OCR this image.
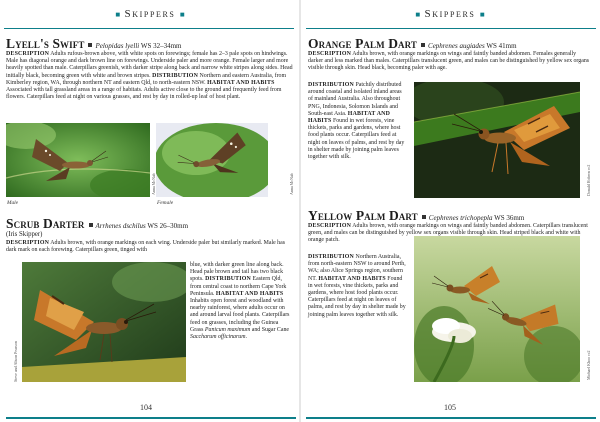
■ Skippers ■
Lyell's Swift Pelopidas lyelli WS 32–34mm
DESCRIPTION Adults rufous-brown above, with white spots on forewings; female has 2–3 pale spots on hindwings. Male has diagonal orange and dark brown line on forewings. Underside paler and more orange. Female larger and more heavily spotted than male. Caterpillars greenish, with darker stripe along back and narrow white stripes along sides. Head initially black, becoming green with white and brown stripes. DISTRIBUTION Northern and eastern Australia, from Kimberley region, WA, through northern NT and eastern Qld, to north-eastern NSW. HABITAT AND HABITS Associated with tall grassland areas in a range of habitats. Adults active close to the ground and frequently feed from flowers. Caterpillars feed at night on various grasses, and rest by day in rolled-up leaf of host plant.
Anna McNab
Anna McNab
Male	Female
Scrub Darter Arrhenes dschilus WS 26–30mm
(Iris Skipper)
DESCRIPTION Adults brown, with orange markings on each wing. Underside paler but similarly marked. Male has dark mark on each forewing. Caterpillars green, tinged with
blue, with darker green line along back. Head pale brown and tail has two black spots. DISTRIBUTION Eastern Qld, from central coast to northern Cape York Peninsula. HABITAT AND HABITS Inhabits open forest and woodland with nearby rainforest, where adults occur on and around larval food plants. Caterpillars feed on grasses, including the Guinea Grass Panicum maximum and Sugar Cane Saccharum officinarum.
Steve and Alison Pearson
104
■ Skippers ■
Orange Palm Dart Cephrenes augiades WS 41mm
DESCRIPTION Adults brown, with orange markings on wings and faintly banded abdomen. Females generally darker and less marked than males. Caterpillars translucent green, and males can be distinguished by yellow sex organs visible through skin. Head black, becoming paler with age.
DISTRIBUTION Patchily distributed around coastal and isolated inland areas of mainland Australia. Also throughout PNG, Indonesia, Solomon Islands and South-east Asia. HABITAT AND HABITS Found in wet forests, vine thickets, parks and gardens, where host food plants occur. Caterpillars feed at night on leaves of palms, and rest by day in shelter made by joining palm leaves together with silk.
Donald Hobern cc2
Yellow Palm Dart Cephrenes trichopepla WS 36mm
DESCRIPTION Adults brown, with orange markings on wings and faintly banded abdomen. Caterpillars translucent green, and males can be distinguished by yellow sex organs visible through skin. Head striped black and white with orange patch.
DISTRIBUTION Northern Australia, from north-eastern NSW to around Perth, WA; also Alice Springs region, southern NT. HABITAT AND HABITS Found in wet forests, vine thickets, parks and gardens, where host food plants occur. Caterpillars feed at night on leaves of palms, and rest by day in shelter made by joining palm leaves together with silk.
Michael Khoo cc2
105
